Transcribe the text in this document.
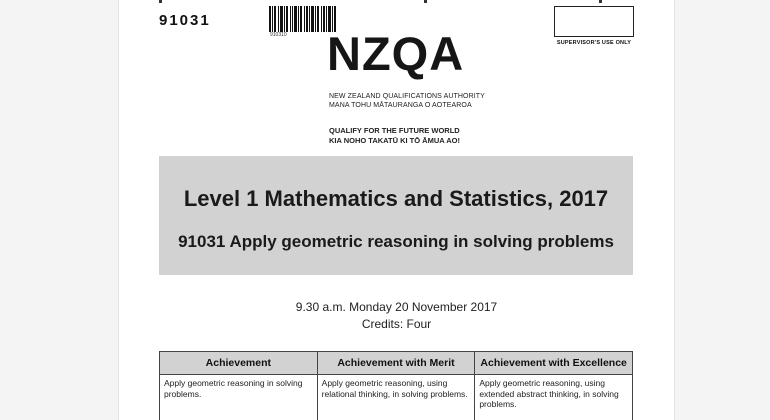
91031
910310
SUPERVISOR'S USE ONLY
NZQA
NEW ZEALAND QUALIFICATIONS AUTHORITY
MANA TOHU MĀTAURANGA O AOTEAROA
QUALIFY FOR THE FUTURE WORLD
KIA NOHO TAKATŪ KI TŌ ĀMUA AO!
Level 1 Mathematics and Statistics, 2017
91031 Apply geometric reasoning in solving problems
9.30 a.m. Monday 20 November 2017
Credits: Four
Achievement	Achievement with Merit	Achievement with Excellence
Apply geometric reasoning in solving problems.	Apply geometric reasoning, using relational thinking, in solving problems.	Apply geometric reasoning, using extended abstract thinking, in solving problems.
